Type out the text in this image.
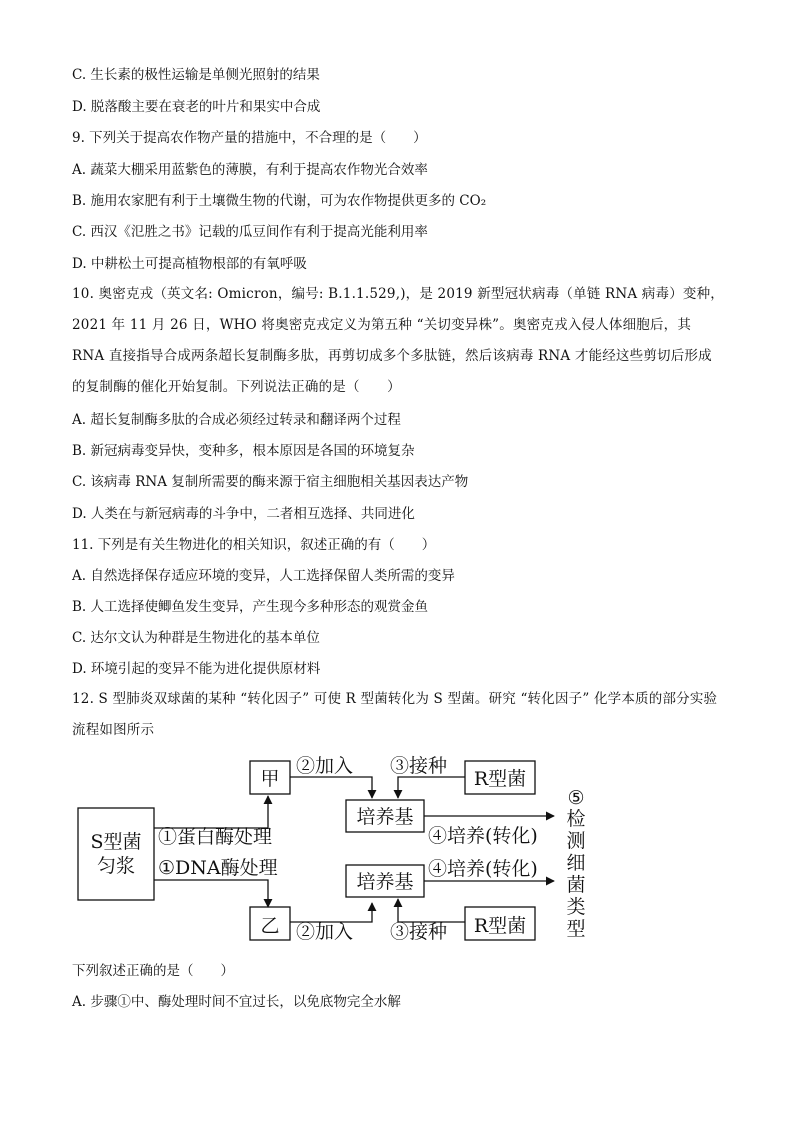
C. 生长素的极性运输是单侧光照射的结果
D. 脱落酸主要在衰老的叶片和果实中合成
9. 下列关于提高农作物产量的措施中，不合理的是（　　）
A. 蔬菜大棚采用蓝紫色的薄膜，有利于提高农作物光合效率
B. 施用农家肥有利于土壤微生物的代谢，可为农作物提供更多的 CO₂
C. 西汉《氾胜之书》记载的瓜豆间作有利于提高光能利用率
D. 中耕松土可提高植物根部的有氧呼吸
10. 奥密克戎（英文名: Omicron，编号: B.1.1.529,)，是 2019 新型冠状病毒（单链 RNA 病毒）变种，2021 年 11 月 26 日，WHO 将奥密克戎定义为第五种 “关切变异株”。奥密克戎入侵人体细胞后，其 RNA 直接指导合成两条超长复制酶多肽，再剪切成多个多肽链，然后该病毒 RNA 才能经这些剪切后形成的复制酶的催化开始复制。下列说法正确的是（　　）
A. 超长复制酶多肽的合成必须经过转录和翻译两个过程
B. 新冠病毒变异快，变种多，根本原因是各国的环境复杂
C. 该病毒 RNA 复制所需要的酶来源于宿主细胞相关基因表达产物
D. 人类在与新冠病毒的斗争中，二者相互选择、共同进化
11. 下列是有关生物进化的相关知识，叙述正确的有（　　）
A. 自然选择保存适应环境的变异，人工选择保留人类所需的变异
B. 人工选择使鲫鱼发生变异，产生现今多种形态的观赏金鱼
C. 达尔文认为种群是生物进化的基本单位
D. 环境引起的变异不能为进化提供原材料
12. S 型肺炎双球菌的某种 “转化因子” 可使 R 型菌转化为 S 型菌。研究 “转化因子” 化学本质的部分实验流程如图所示
S型菌
匀浆
①蛋白酶处理
①DNA酶处理
甲
乙
②加入
②加入
培养基
培养基
R型菌
③接种
R型菌
③接种
④培养(转化)
④培养(转化)
⑤
检
测
细
菌
类
型
下列叙述正确的是（　　）
A. 步骤①中、酶处理时间不宜过长，以免底物完全水解
